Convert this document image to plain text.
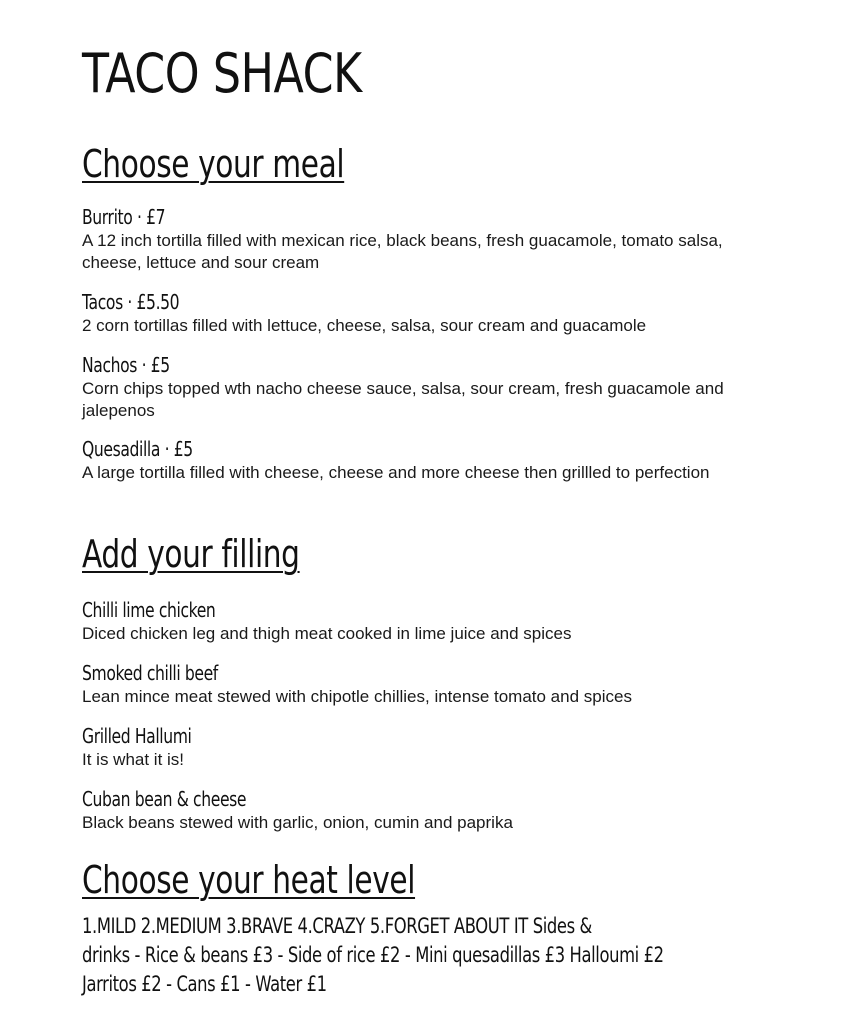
TACO SHACK
Choose your meal
Burrito · £7
A 12 inch tortilla filled with mexican rice, black beans, fresh guacamole, tomato salsa, cheese, lettuce and sour cream
Tacos · £5.50
2 corn tortillas filled with lettuce, cheese, salsa, sour cream and guacamole
Nachos · £5
Corn chips topped wth nacho cheese sauce, salsa, sour cream, fresh guacamole and jalepenos
Quesadilla · £5
A large tortilla filled with cheese, cheese and more cheese then grillled to perfection
Add your filling
Chilli lime chicken
Diced chicken leg and thigh meat cooked in lime juice and spices
Smoked chilli beef
Lean mince meat stewed with chipotle chillies, intense tomato and spices
Grilled Hallumi
It is what it is!
Cuban bean & cheese
Black beans stewed with garlic, onion, cumin and paprika
Choose your heat level

1.MILD 2.MEDIUM 3.BRAVE 4.CRAZY 5.FORGET ABOUT IT Sides &
drinks - Rice & beans £3 - Side of rice £2 - Mini quesadillas £3 Halloumi £2
Jarritos £2 - Cans £1 - Water £1
